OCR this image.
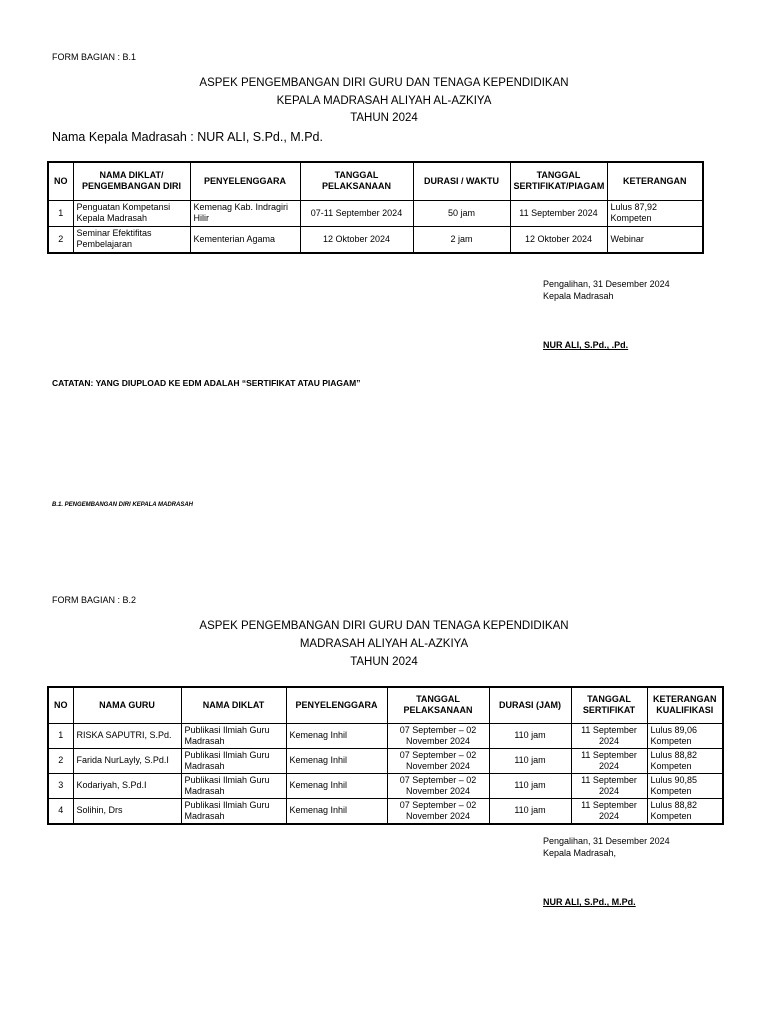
FORM BAGIAN : B.1
ASPEK PENGEMBANGAN DIRI GURU DAN TENAGA KEPENDIDIKAN
KEPALA MADRASAH ALIYAH AL-AZKIYA
TAHUN 2024
Nama Kepala Madrasah : NUR ALI, S.Pd., M.Pd.
NO	NAMA DIKLAT/ PENGEMBANGAN DIRI	PENYELENGGARA	TANGGAL PELAKSANAAN	DURASI / WAKTU	TANGGAL SERTIFIKAT/PIAGAM	KETERANGAN
1	Penguatan Kompetansi Kepala Madrasah	Kemenag Kab. Indragiri Hilir	07-11 September 2024	50 jam	11 September 2024	Lulus 87,92 Kompeten
2	Seminar Efektifitas Pembelajaran	Kementerian Agama	12 Oktober 2024	2 jam	12 Oktober 2024	Webinar
Pengalihan, 31 Desember 2024
Kepala Madrasah
NUR ALI, S.Pd., .Pd.
CATATAN: YANG DIUPLOAD KE EDM ADALAH “SERTIFIKAT ATAU PIAGAM”
B.1. PENGEMBANGAN DIRI KEPALA MADRASAH
FORM BAGIAN : B.2
ASPEK PENGEMBANGAN DIRI GURU DAN TENAGA KEPENDIDIKAN
MADRASAH ALIYAH AL-AZKIYA
TAHUN 2024
NO	NAMA GURU	NAMA DIKLAT	PENYELENGGARA	TANGGAL PELAKSANAAN	DURASI (JAM)	TANGGAL SERTIFIKAT	KETERANGAN KUALIFIKASI
1	RISKA SAPUTRI, S.Pd.	Publikasi Ilmiah Guru Madrasah	Kemenag Inhil	07 September – 02 November 2024	110 jam	11 September 2024	Lulus 89,06 Kompeten
2	Farida NurLayly, S.Pd.I	Publikasi Ilmiah Guru Madrasah	Kemenag Inhil	07 September – 02 November 2024	110 jam	11 September 2024	Lulus 88,82 Kompeten
3	Kodariyah, S.Pd.I	Publikasi Ilmiah Guru Madrasah	Kemenag Inhil	07 September – 02 November 2024	110 jam	11 September 2024	Lulus 90,85 Kompeten
4	Solihin, Drs	Publikasi Ilmiah Guru Madrasah	Kemenag Inhil	07 September – 02 November 2024	110 jam	11 September 2024	Lulus 88,82 Kompeten
Pengalihan, 31 Desember 2024
Kepala Madrasah,
NUR ALI, S.Pd., M.Pd.
